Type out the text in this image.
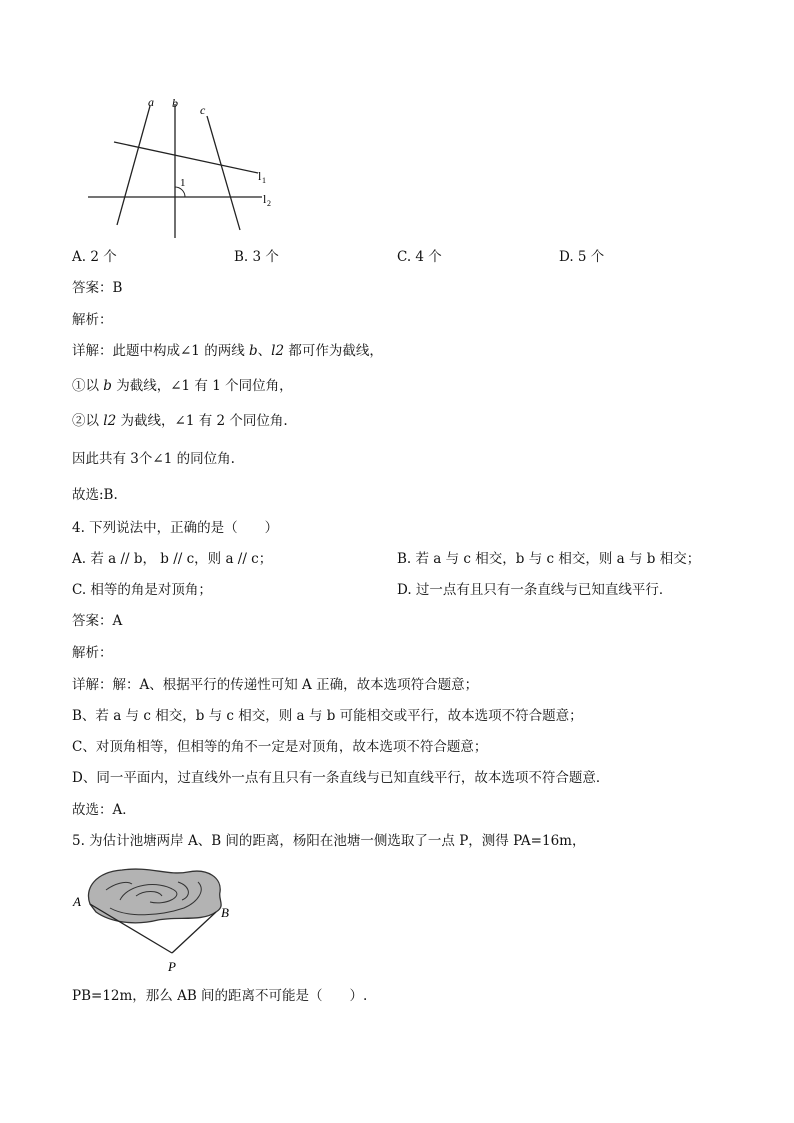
a b c
l 1
l 2
1
A. 2 个	B. 3 个	C. 4 个	D. 5 个
答案：B
解析：
详解：此题中构成∠1 的两线 b、l2 都可作为截线，
①以 b 为截线，∠1 有 1 个同位角，
②以 l2 为截线，∠1 有 2 个同位角.
因此共有 3个∠1 的同位角.
故选:B.
4. 下列说法中，正确的是（　　）
A. 若 a // b， b // c，则 a // c；	B. 若 a 与 c 相交，b 与 c 相交，则 a 与 b 相交；
C. 相等的角是对顶角；	D. 过一点有且只有一条直线与已知直线平行．
答案：A
解析：
详解：解：A、根据平行的传递性可知 A 正确，故本选项符合题意；
B、若 a 与 c 相交，b 与 c 相交，则 a 与 b 可能相交或平行，故本选项不符合题意；
C、对顶角相等，但相等的角不一定是对顶角，故本选项不符合题意；
D、同一平面内，过直线外一点有且只有一条直线与已知直线平行，故本选项不符合题意．
故选：A．
5. 为估计池塘两岸 A、B 间的距离，杨阳在池塘一侧选取了一点 P，测得 PA=16m，
A
B
P
PB=12m，那么 AB 间的距离不可能是（　　）.
